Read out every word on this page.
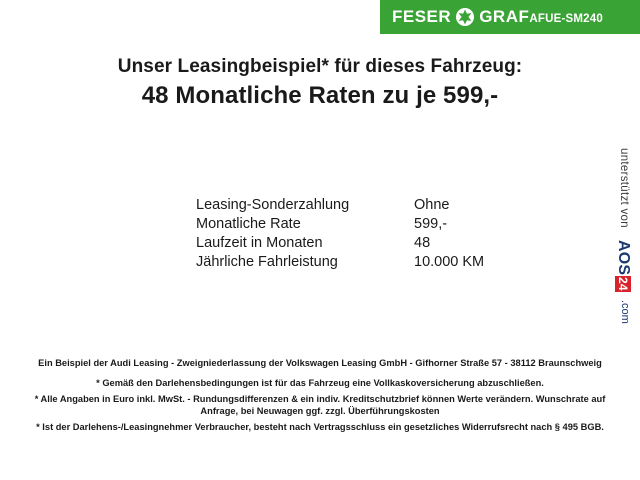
FESER GRAF AFUE-SM240
Unser Leasingbeispiel* für dieses Fahrzeug:
48 Monatliche Raten zu je 599,-
Leasing-Sonderzahlung	Ohne
Monatliche Rate	599,-
Laufzeit in Monaten	48
Jährliche Fahrleistung	10.000 KM
unterstützt von
AOS
24
.com

Ein Beispiel der Audi Leasing - Zweigniederlassung der Volkswagen Leasing GmbH - Gifhorner Straße 57 - 38112 Braunschweig

* Gemäß den Darlehensbedingungen ist für das Fahrzeug eine Vollkaskoversicherung abzuschließen.

* Alle Angaben in Euro inkl. MwSt. - Rundungsdifferenzen & ein indiv. Kreditschutzbrief können Werte verändern. Wunschrate auf Anfrage, bei Neuwagen ggf. zzgl. Überführungskosten

* Ist der Darlehens-/Leasingnehmer Verbraucher, besteht nach Vertragsschluss ein gesetzliches Widerrufsrecht nach § 495 BGB.
